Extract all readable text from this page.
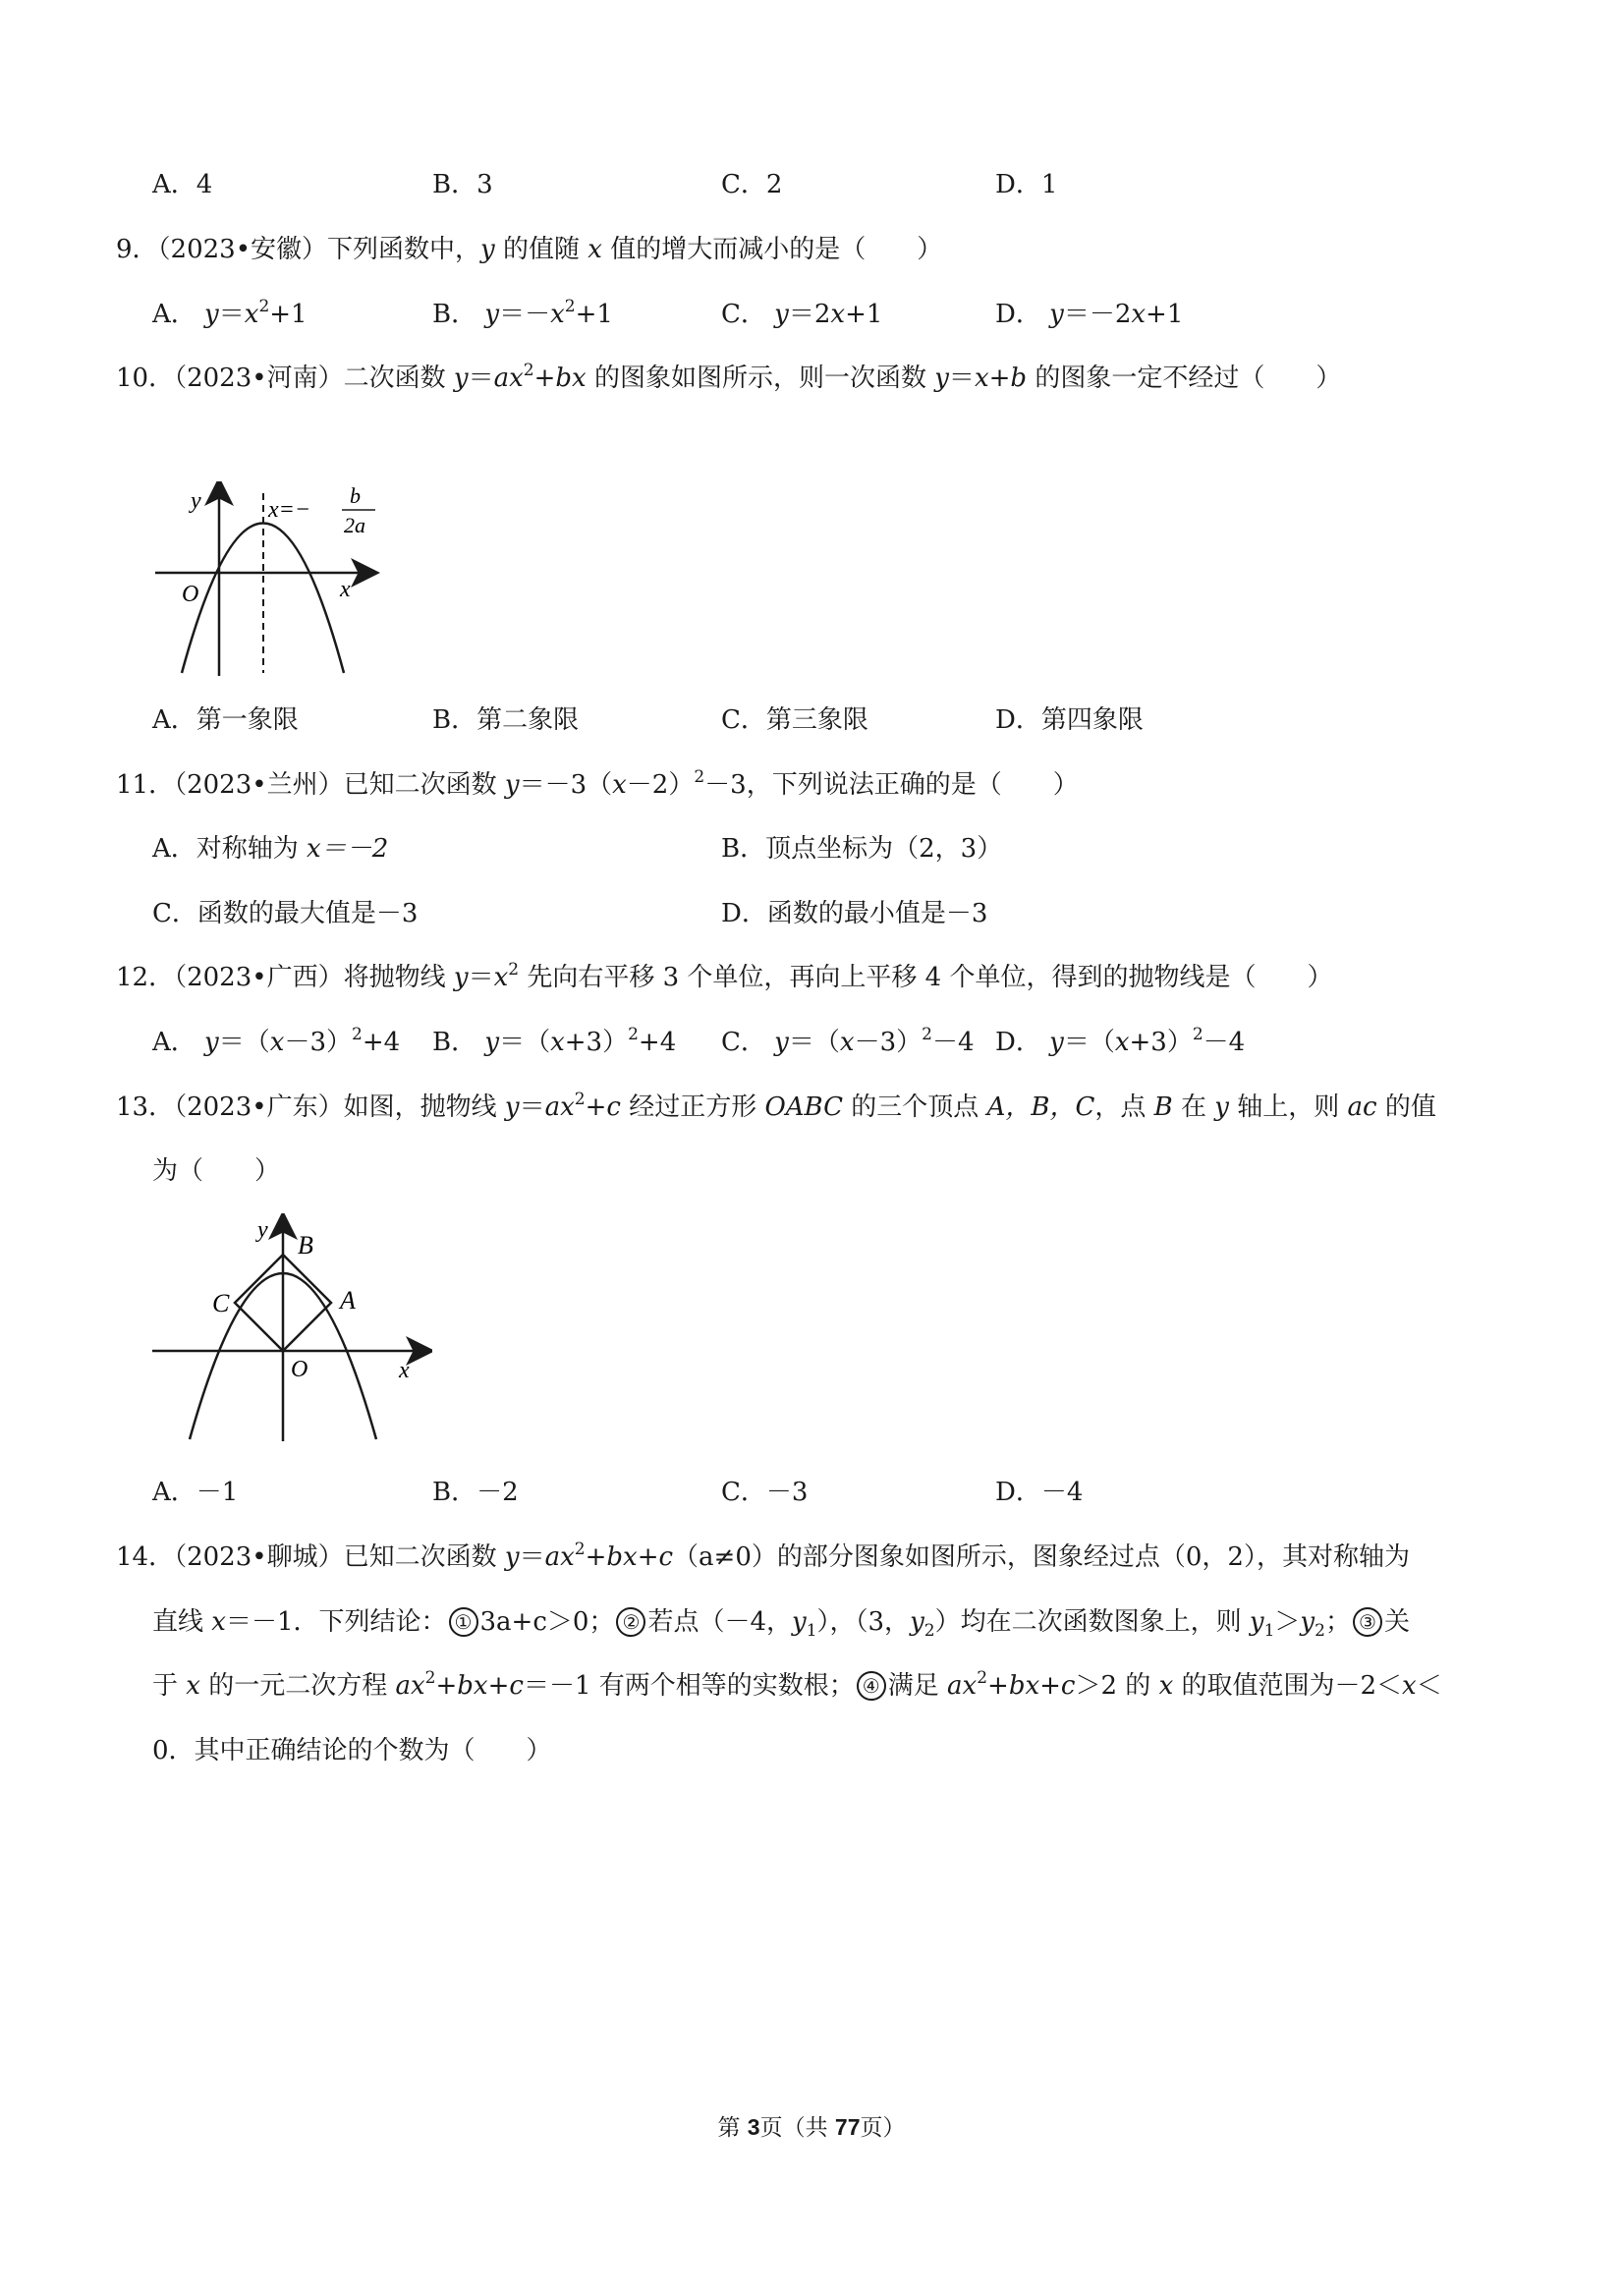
A．4	B．3	C．2	D．1
9．（2023•安徽）下列函数中，y 的值随 x 值的增大而减小的是（　　）
A． $y=x^2+1$	B． $y=-x^2+1$	C． y＝2x+1	D． y＝－2x+1
10．（2023•河南）二次函数 $y=ax^2+bx$ 的图象如图所示，则一次函数 y＝x+b 的图象一定不经过（　　）
y
O	x
x=−
b
2a
A．第一象限	B．第二象限	C．第三象限	D．第四象限
11．（2023•兰州）已知二次函数 $y=-3(x-2)^2-3$，下列说法正确的是（　　）
A．对称轴为 x＝－2	B．顶点坐标为（2，3）
C．函数的最大值是－3	D．函数的最小值是－3
12．（2023•广西）将抛物线 $y=x^2$ 先向右平移 3 个单位，再向上平移 4 个单位，得到的抛物线是（　　）
A． $y=(x-3)^2+4$ B． $y=(x+3)^2+4$ C． $y=(x-3)^2-4$ D． $y=(x+3)^2-4$
13．（2023•广东）如图，抛物线 $y=ax^2+c$ 经过正方形 OABC 的三个顶点 A，B，C，点 B 在 y 轴上，则 ac 的值
为（　　）
y
B
C	A
O	x
A．－1	B．－2	C．－3	D．－4
14．（2023•聊城）已知二次函数 $y=ax^2+bx+c(a\ne 0)$的部分图象如图所示，图象经过点（0，2），其对称轴为
直线 x＝－1．下列结论： ① 3a+c＞0； ② 若点（－4，$y_1$），（3，$y_2$）均在二次函数图象上，则 $y_1>y_2$； ③ 关
于 x 的一元二次方程 $ax^2+bx+c=-1$ 有两个相等的实数根； ④ 满足 $ax^2+bx+c>2$ 的 x 的取值范围为－2＜x＜
0．其中正确结论的个数为（　　）
第 3页（共 77页）
